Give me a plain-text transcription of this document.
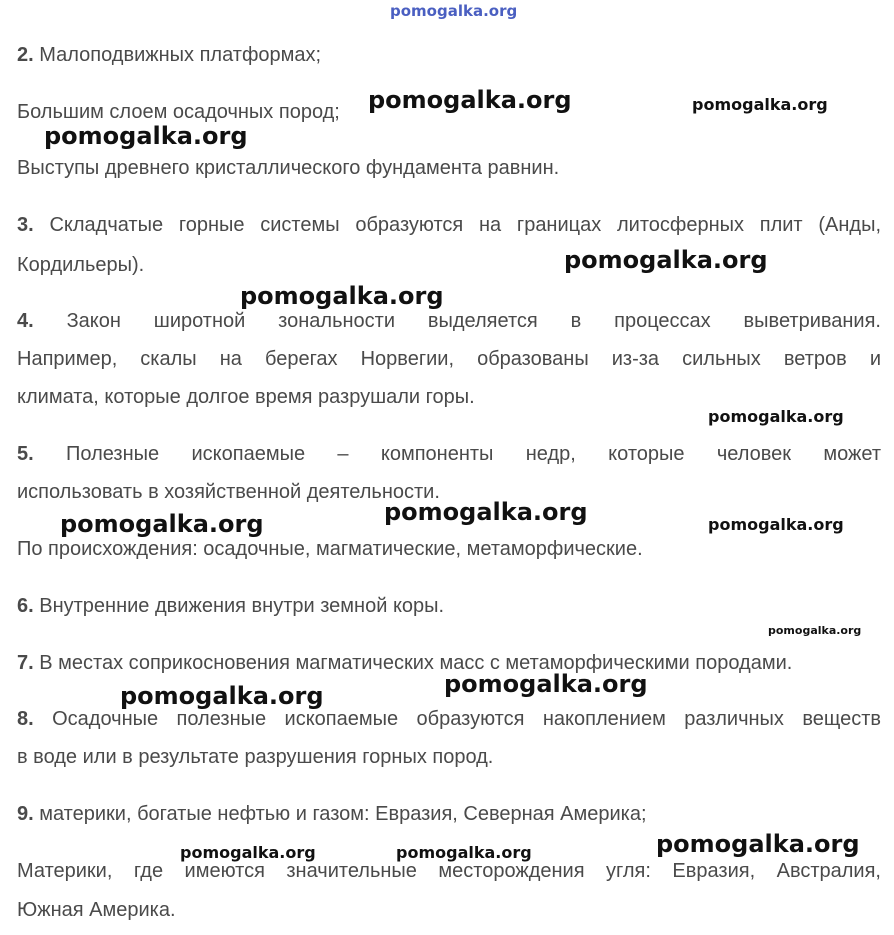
pomogalka.org
2. Малоподвижных платформах;
Большим слоем осадочных пород;
Выступы древнего кристаллического фундамента равнин.
3. Складчатые горные системы образуются на границах литосферных плит (Анды,
Кордильеры).
4. Закон широтной зональности выделяется в процессах выветривания.
Например, скалы на берегах Норвегии, образованы из-за сильных ветров и
климата, которые долгое время разрушали горы.
5. Полезные ископаемые – компоненты недр, которые человек может
использовать в хозяйственной деятельности.
По происхождения: осадочные, магматические, метаморфические.
6. Внутренние движения внутри земной коры.
7. В местах соприкосновения магматических масс с метаморфическими породами.
8. Осадочные полезные ископаемые образуются накоплением различных веществ
в воде или в результате разрушения горных пород.
9. материки, богатые нефтью и газом: Евразия, Северная Америка;
Материки, где имеются значительные месторождения угля: Евразия, Австралия,
Южная Америка.
pomogalka.org	pomogalka.org
pomogalka.org
pomogalka.org
pomogalka.org
pomogalka.org
pomogalka.org
pomogalka.org	pomogalka.org
pomogalka.org
pomogalka.org
pomogalka.org
pomogalka.org
pomogalka.org	pomogalka.org
